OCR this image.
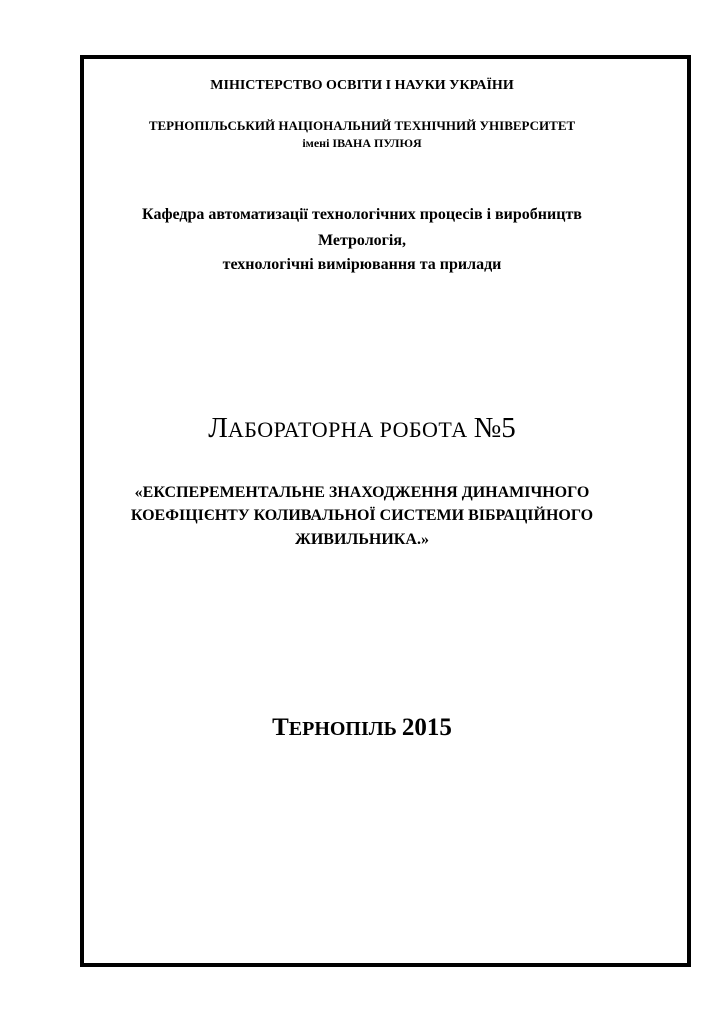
МІНІСТЕРСТВО ОСВІТИ І НАУКИ УКРАЇНИ
ТЕРНОПІЛЬСЬКИЙ НАЦІОНАЛЬНИЙ ТЕХНІЧНИЙ УНІВЕРСИТЕТ
імені ІВАНА ПУЛЮЯ
Кафедра автоматизації технологічних процесів і виробництв
Метрологія,
технологічні вимірювання та прилади
ЛАБОРАТОРНА РОБОТА №5
«ЕКСПЕРЕМЕНТАЛЬНЕ ЗНАХОДЖЕННЯ ДИНАМІЧНОГО
КОЕФІЦІЄНТУ КОЛИВАЛЬНОЇ СИСТЕМИ ВІБРАЦІЙНОГО
ЖИВИЛЬНИКА.»
ТЕРНОПІЛЬ 2015
